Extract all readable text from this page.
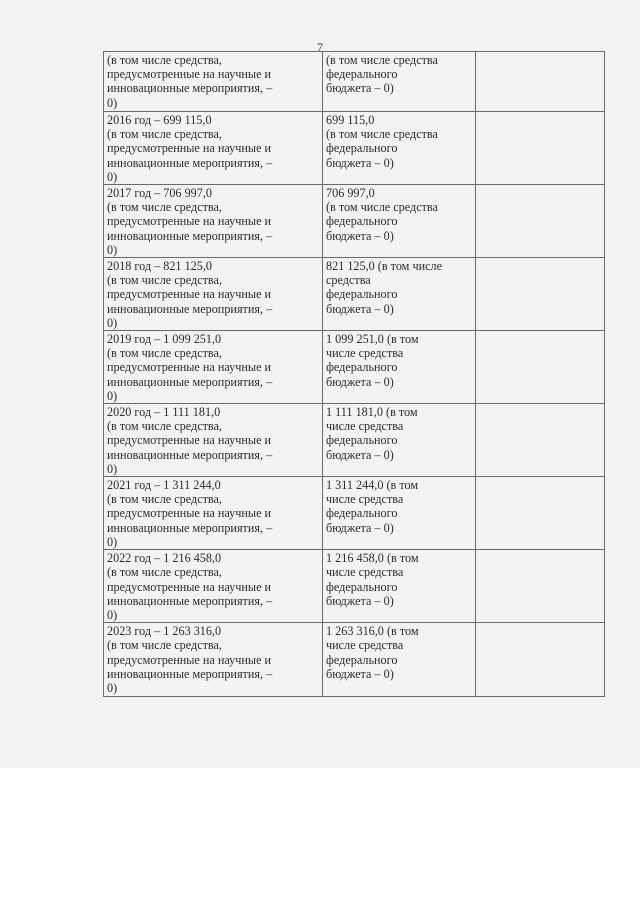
7
(в том числе средства,
предусмотренные на научные и
инновационные мероприятия, –
0)	(в том числе средства
федерального
бюджета – 0)	

2016 год – 699 115,0
(в том числе средства,
предусмотренные на научные и
инновационные мероприятия, –
0)	699 115,0
(в том числе средства
федерального
бюджета – 0)	

2017 год – 706 997,0
(в том числе средства,
предусмотренные на научные и
инновационные мероприятия, –
0)	706 997,0
(в том числе средства
федерального
бюджета – 0)	

2018 год – 821 125,0
(в том числе средства,
предусмотренные на научные и
инновационные мероприятия, –
0)	821 125,0 (в том числе
средства
федерального
бюджета – 0)	

2019 год – 1 099 251,0
(в том числе средства,
предусмотренные на научные и
инновационные мероприятия, –
0)	1 099 251,0 (в том
числе средства
федерального
бюджета – 0)	

2020 год – 1 111 181,0
(в том числе средства,
предусмотренные на научные и
инновационные мероприятия, –
0)	1 111 181,0 (в том
числе средства
федерального
бюджета – 0)	

2021 год – 1 311 244,0
(в том числе средства,
предусмотренные на научные и
инновационные мероприятия, –
0)	1 311 244,0 (в том
числе средства
федерального
бюджета – 0)	

2022 год – 1 216 458,0
(в том числе средства,
предусмотренные на научные и
инновационные мероприятия, –
0)	1 216 458,0 (в том
числе средства
федерального
бюджета – 0)	

2023 год – 1 263 316,0
(в том числе средства,
предусмотренные на научные и
инновационные мероприятия, –
0)	1 263 316,0 (в том
числе средства
федерального
бюджета – 0)	
